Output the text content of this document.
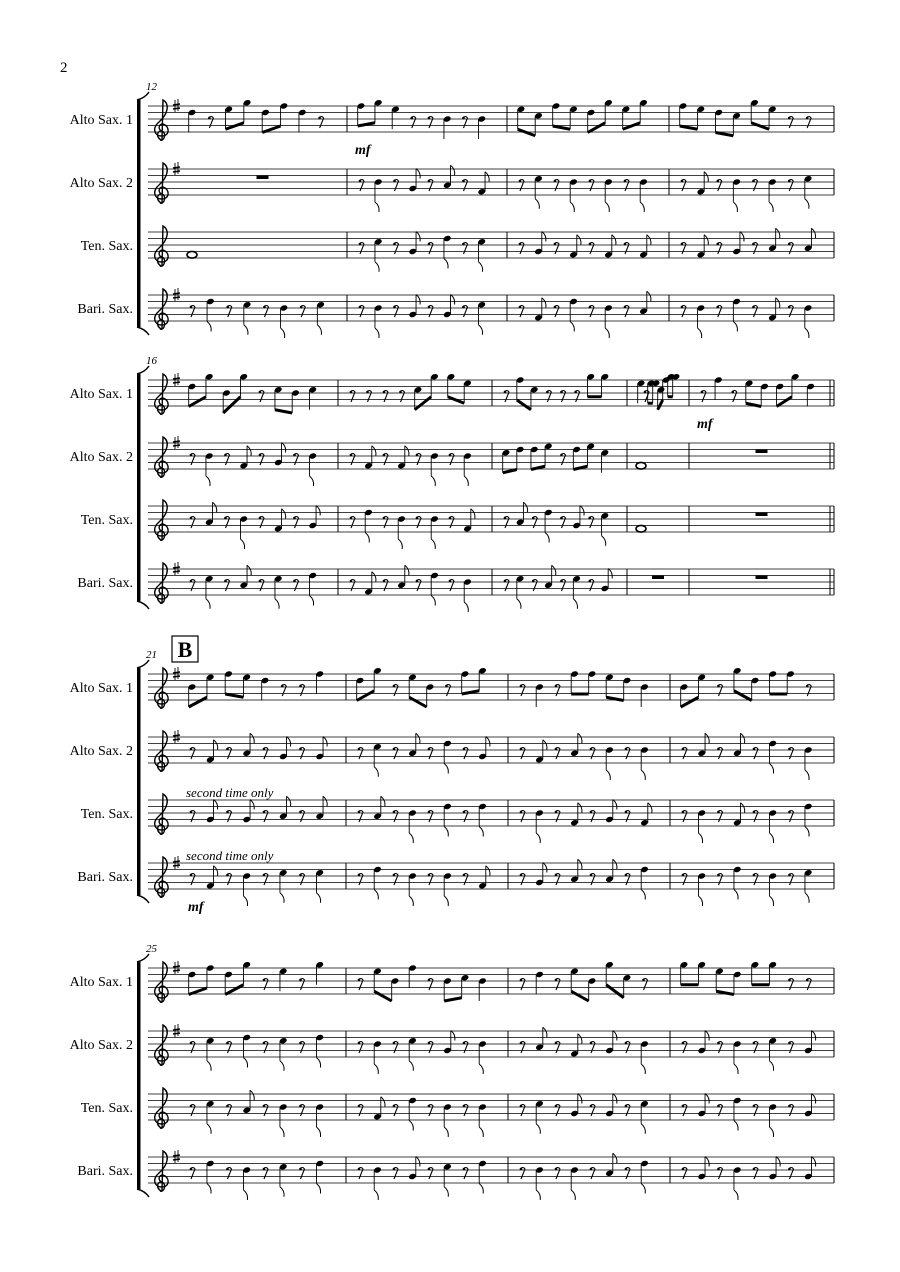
2
12
Alto Sax. 1
Alto Sax. 2
Ten. Sax.
Bari. Sax.
mf
16
Alto Sax. 1
Alto Sax. 2
Ten. Sax.
Bari. Sax.
mf
21 B
Alto Sax. 1
Alto Sax. 2
Ten. Sax.
Bari. Sax.
mf
second time only
second time only
25
Alto Sax. 1
Alto Sax. 2
Ten. Sax.
Bari. Sax.
